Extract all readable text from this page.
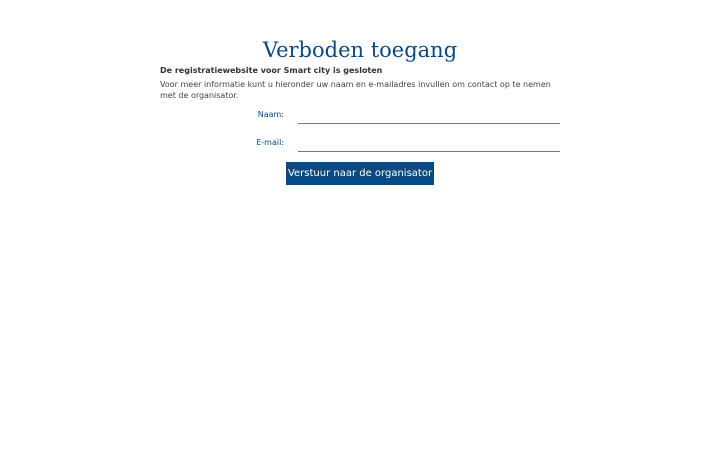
Verboden toegang
De registratiewebsite voor Smart city is gesloten
Voor meer informatie kunt u hieronder uw naam en e-mailadres invullen om contact op te nemen met de organisator.
Naam:
E-mail:
Verstuur naar de organisator
